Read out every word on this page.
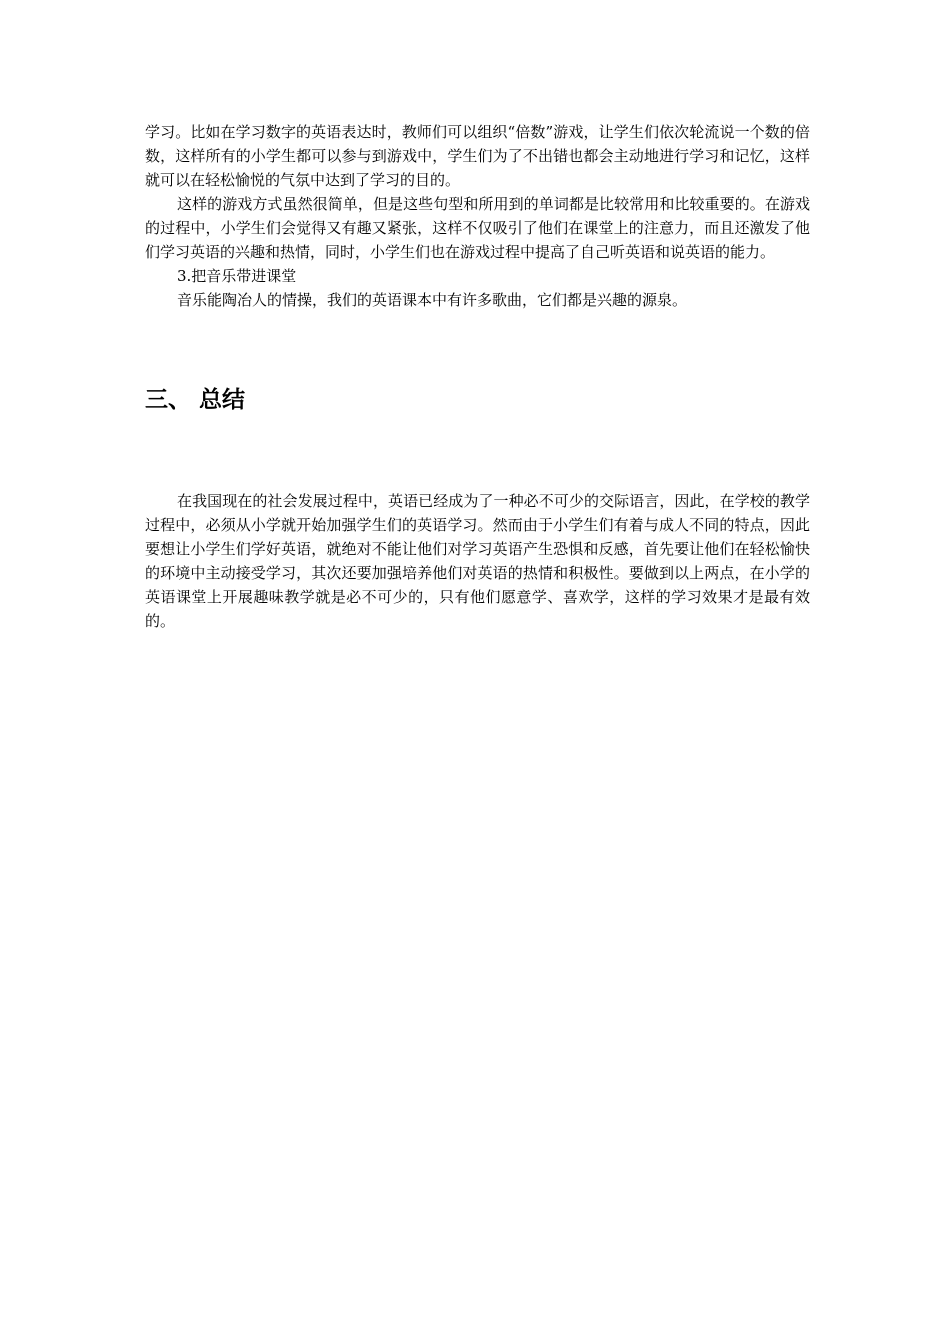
学习。比如在学习数字的英语表达时，教师们可以组织“倍数”游戏，让学生们依次轮流说一个数的倍数，这样所有的小学生都可以参与到游戏中，学生们为了不出错也都会主动地进行学习和记忆，这样就可以在轻松愉悦的气氛中达到了学习的目的。

这样的游戏方式虽然很简单，但是这些句型和所用到的单词都是比较常用和比较重要的。在游戏的过程中，小学生们会觉得又有趣又紧张，这样不仅吸引了他们在课堂上的注意力，而且还激发了他们学习英语的兴趣和热情，同时，小学生们也在游戏过程中提高了自己听英语和说英语的能力。

3.把音乐带进课堂

音乐能陶冶人的情操，我们的英语课本中有许多歌曲，它们都是兴趣的源泉。

三、 总结

在我国现在的社会发展过程中，英语已经成为了一种必不可少的交际语言，因此，在学校的教学过程中，必须从小学就开始加强学生们的英语学习。然而由于小学生们有着与成人不同的特点，因此要想让小学生们学好英语，就绝对不能让他们对学习英语产生恐惧和反感，首先要让他们在轻松愉快的环境中主动接受学习，其次还要加强培养他们对英语的热情和积极性。要做到以上两点，在小学的英语课堂上开展趣味教学就是必不可少的，只有他们愿意学、喜欢学，这样的学习效果才是最有效的。
